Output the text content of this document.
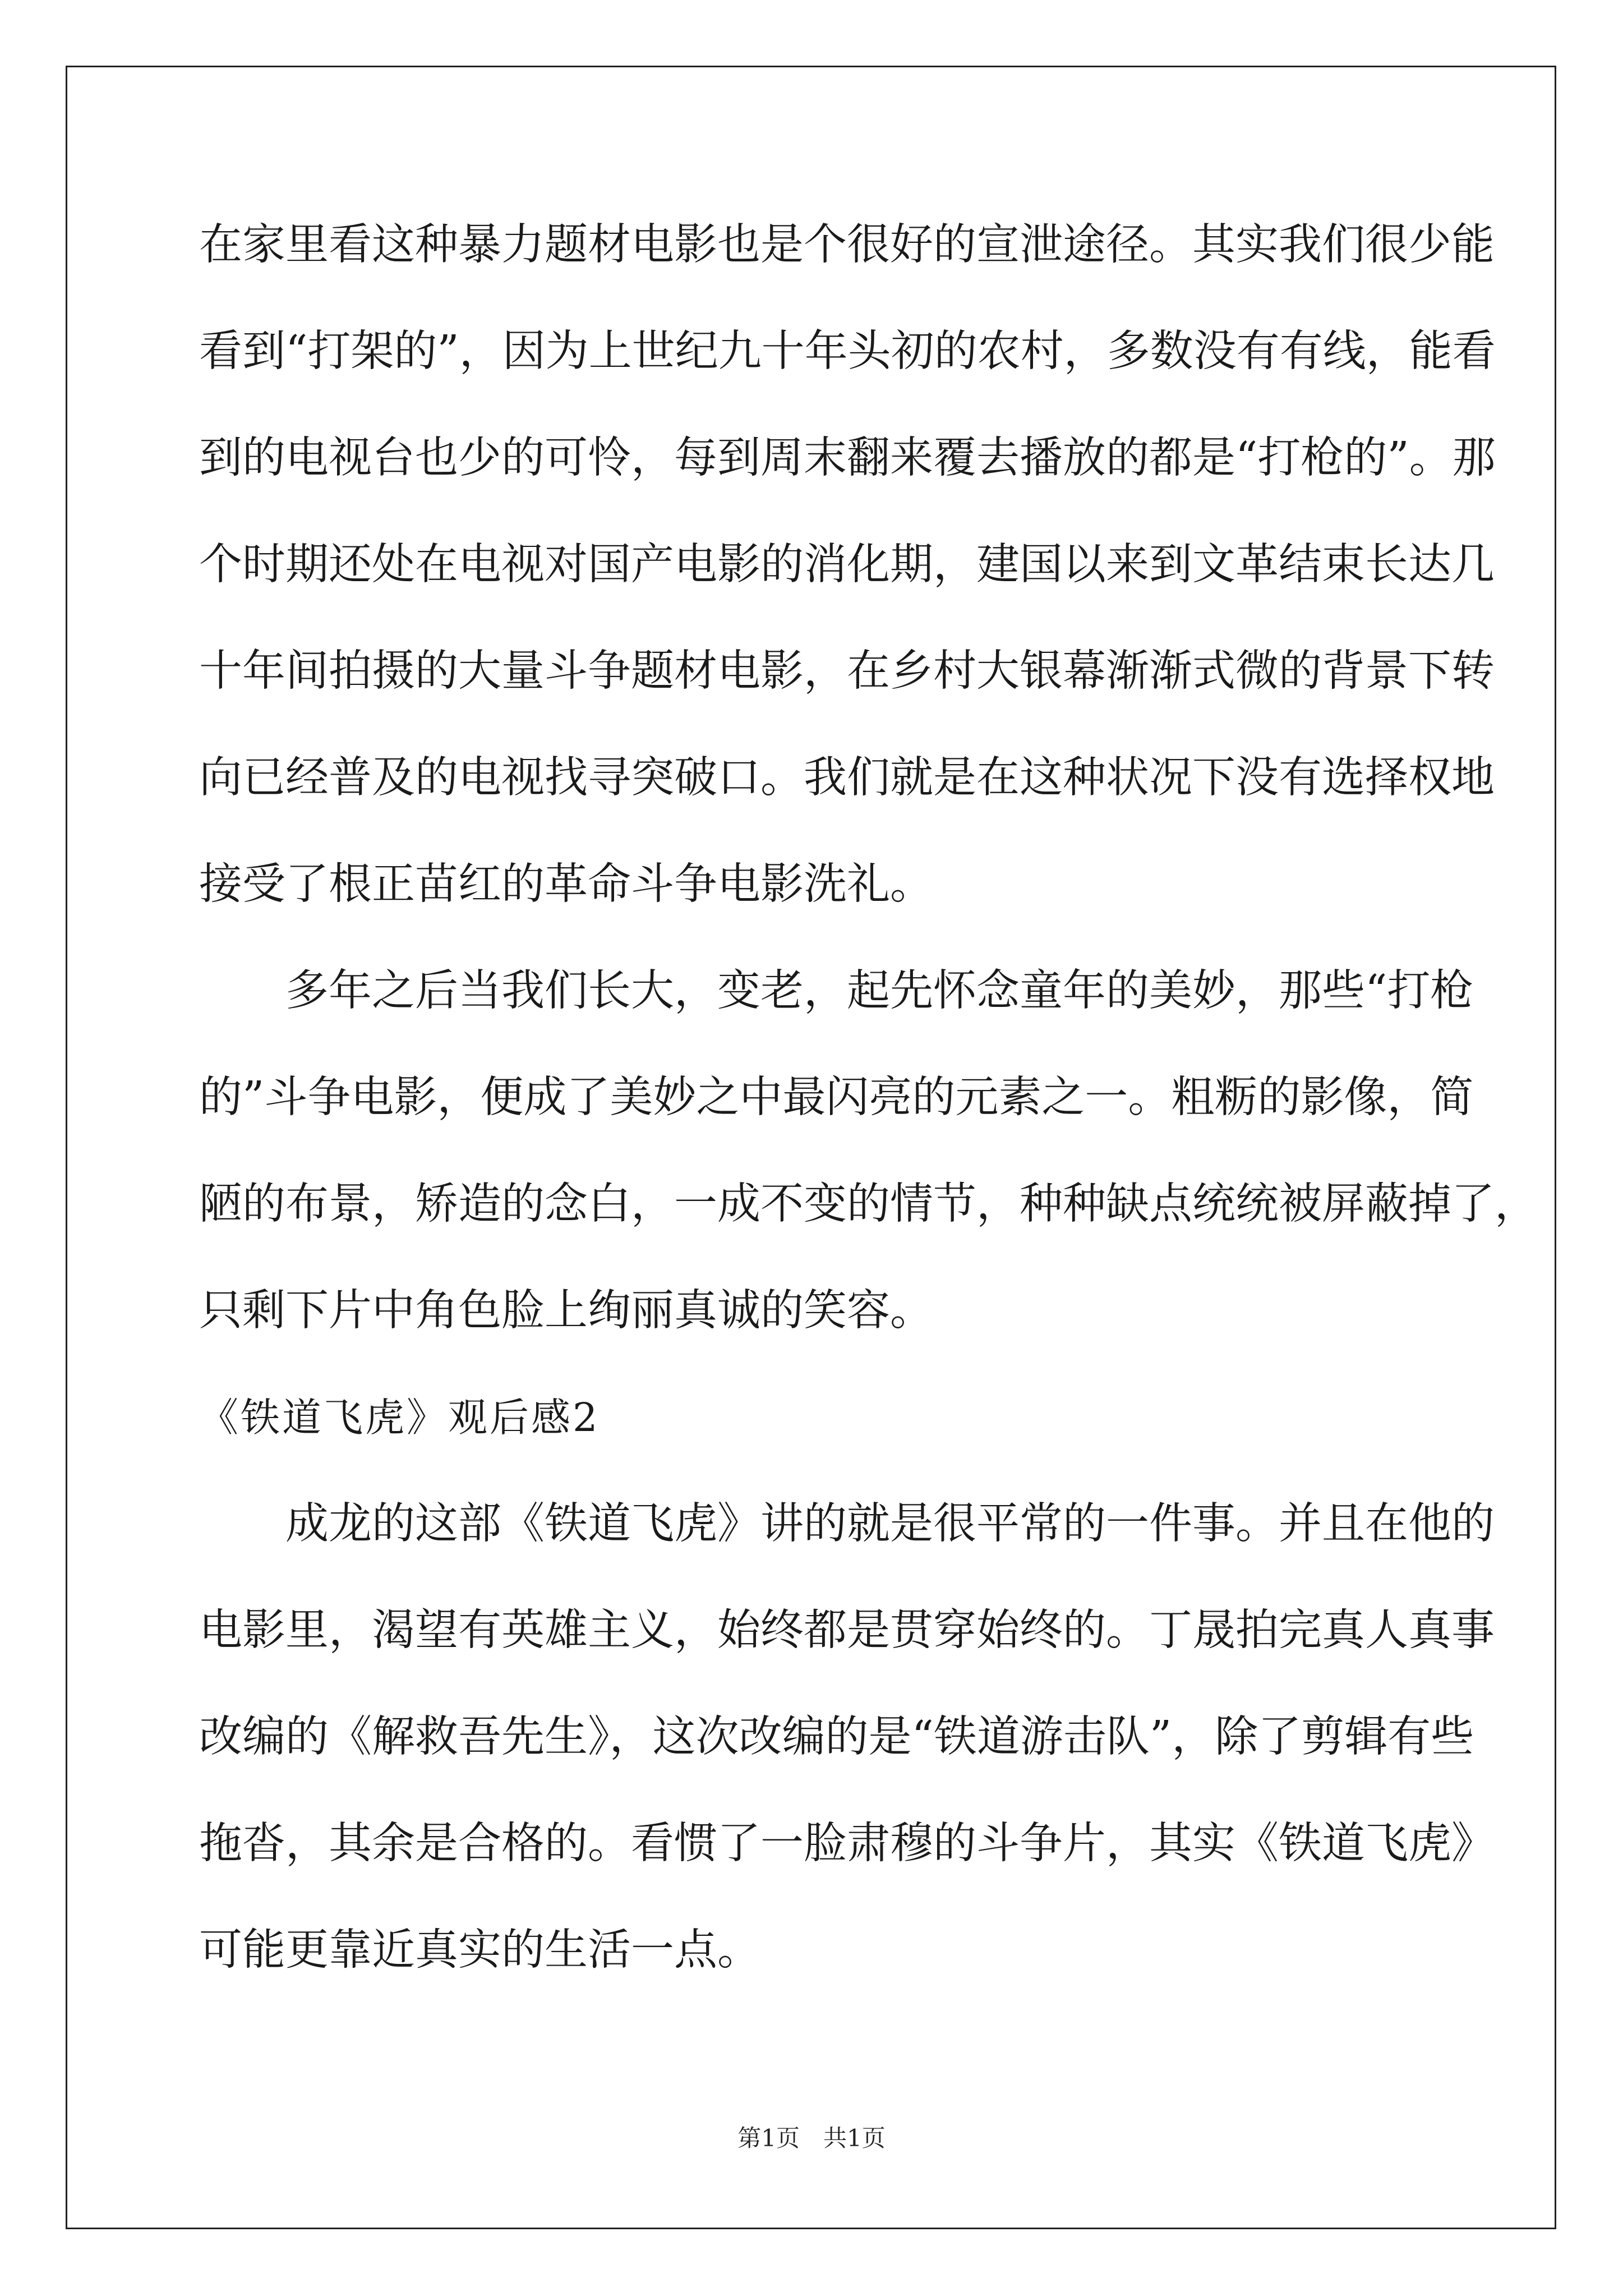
在家里看这种暴力题材电影也是个很好的宣泄途径。其实我们很少能
看到“打架的”，因为上世纪九十年头初的农村，多数没有有线，能看
到的电视台也少的可怜，每到周末翻来覆去播放的都是“打枪的”。那
个时期还处在电视对国产电影的消化期，建国以来到文革结束长达几
十年间拍摄的大量斗争题材电影，在乡村大银幕渐渐式微的背景下转
向已经普及的电视找寻突破口。我们就是在这种状况下没有选择权地
接受了根正苗红的革命斗争电影洗礼。
　　多年之后当我们长大，变老，起先怀念童年的美妙，那些“打枪
的”斗争电影，便成了美妙之中最闪亮的元素之一。粗粝的影像，简
陋的布景，矫造的念白，一成不变的情节，种种缺点统统被屏蔽掉了，
只剩下片中角色脸上绚丽真诚的笑容。
《铁道飞虎》观后感2
　　成龙的这部《铁道飞虎》讲的就是很平常的一件事。并且在他的
电影里，渴望有英雄主义，始终都是贯穿始终的。丁晟拍完真人真事
改编的《解救吾先生》，这次改编的是“铁道游击队”，除了剪辑有些
拖沓，其余是合格的。看惯了一脸肃穆的斗争片，其实《铁道飞虎》
可能更靠近真实的生活一点。
第1页　共1页
